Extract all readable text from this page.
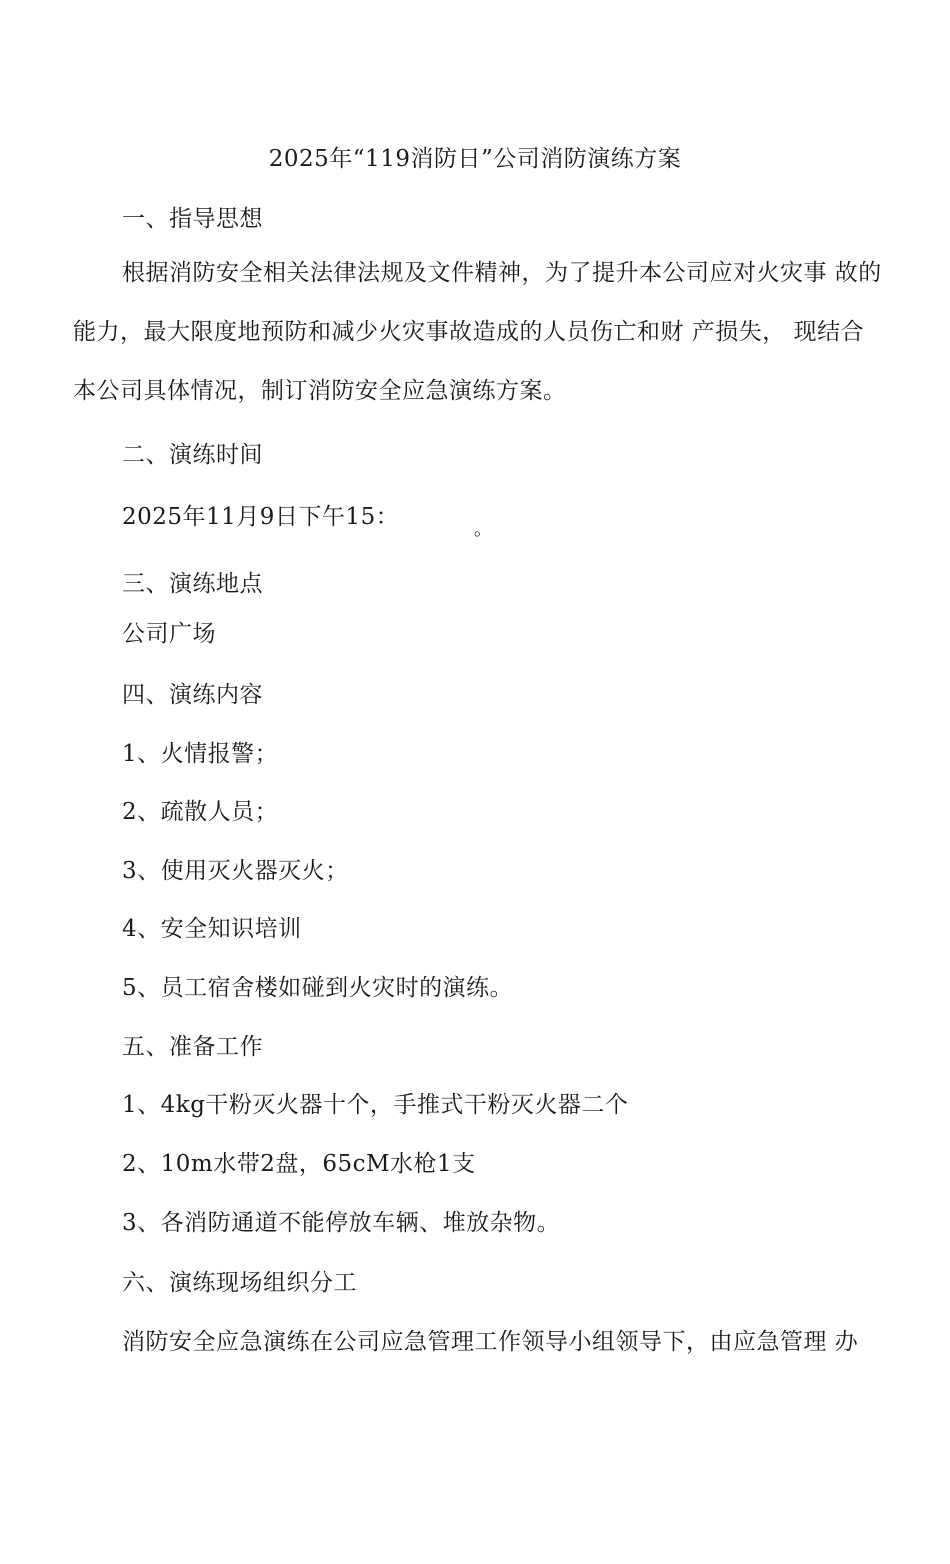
2025年“119消防日”公司消防演练方案
一、指导思想
根据消防安全相关法律法规及文件精神，为了提升本公司应对火灾事 故的能力，最大限度地预防和减少火灾事故造成的人员伤亡和财 产损失， 现结合本公司具体情况，制订消防安全应急演练方案。
二、演练时间
2025年11月9日下午15：	。
三、演练地点
公司广场
四、演练内容
1、火情报警；
2、疏散人员；
3、使用灭火器灭火；
4、安全知识培训
5、员工宿舍楼如碰到火灾时的演练。
五、准备工作
1、4kg干粉灭火器十个，手推式干粉灭火器二个
2、10m水带2盘，65cM水枪1支
3、各消防通道不能停放车辆、堆放杂物。
六、演练现场组织分工
消防安全应急演练在公司应急管理工作领导小组领导下，由应急管理 办
